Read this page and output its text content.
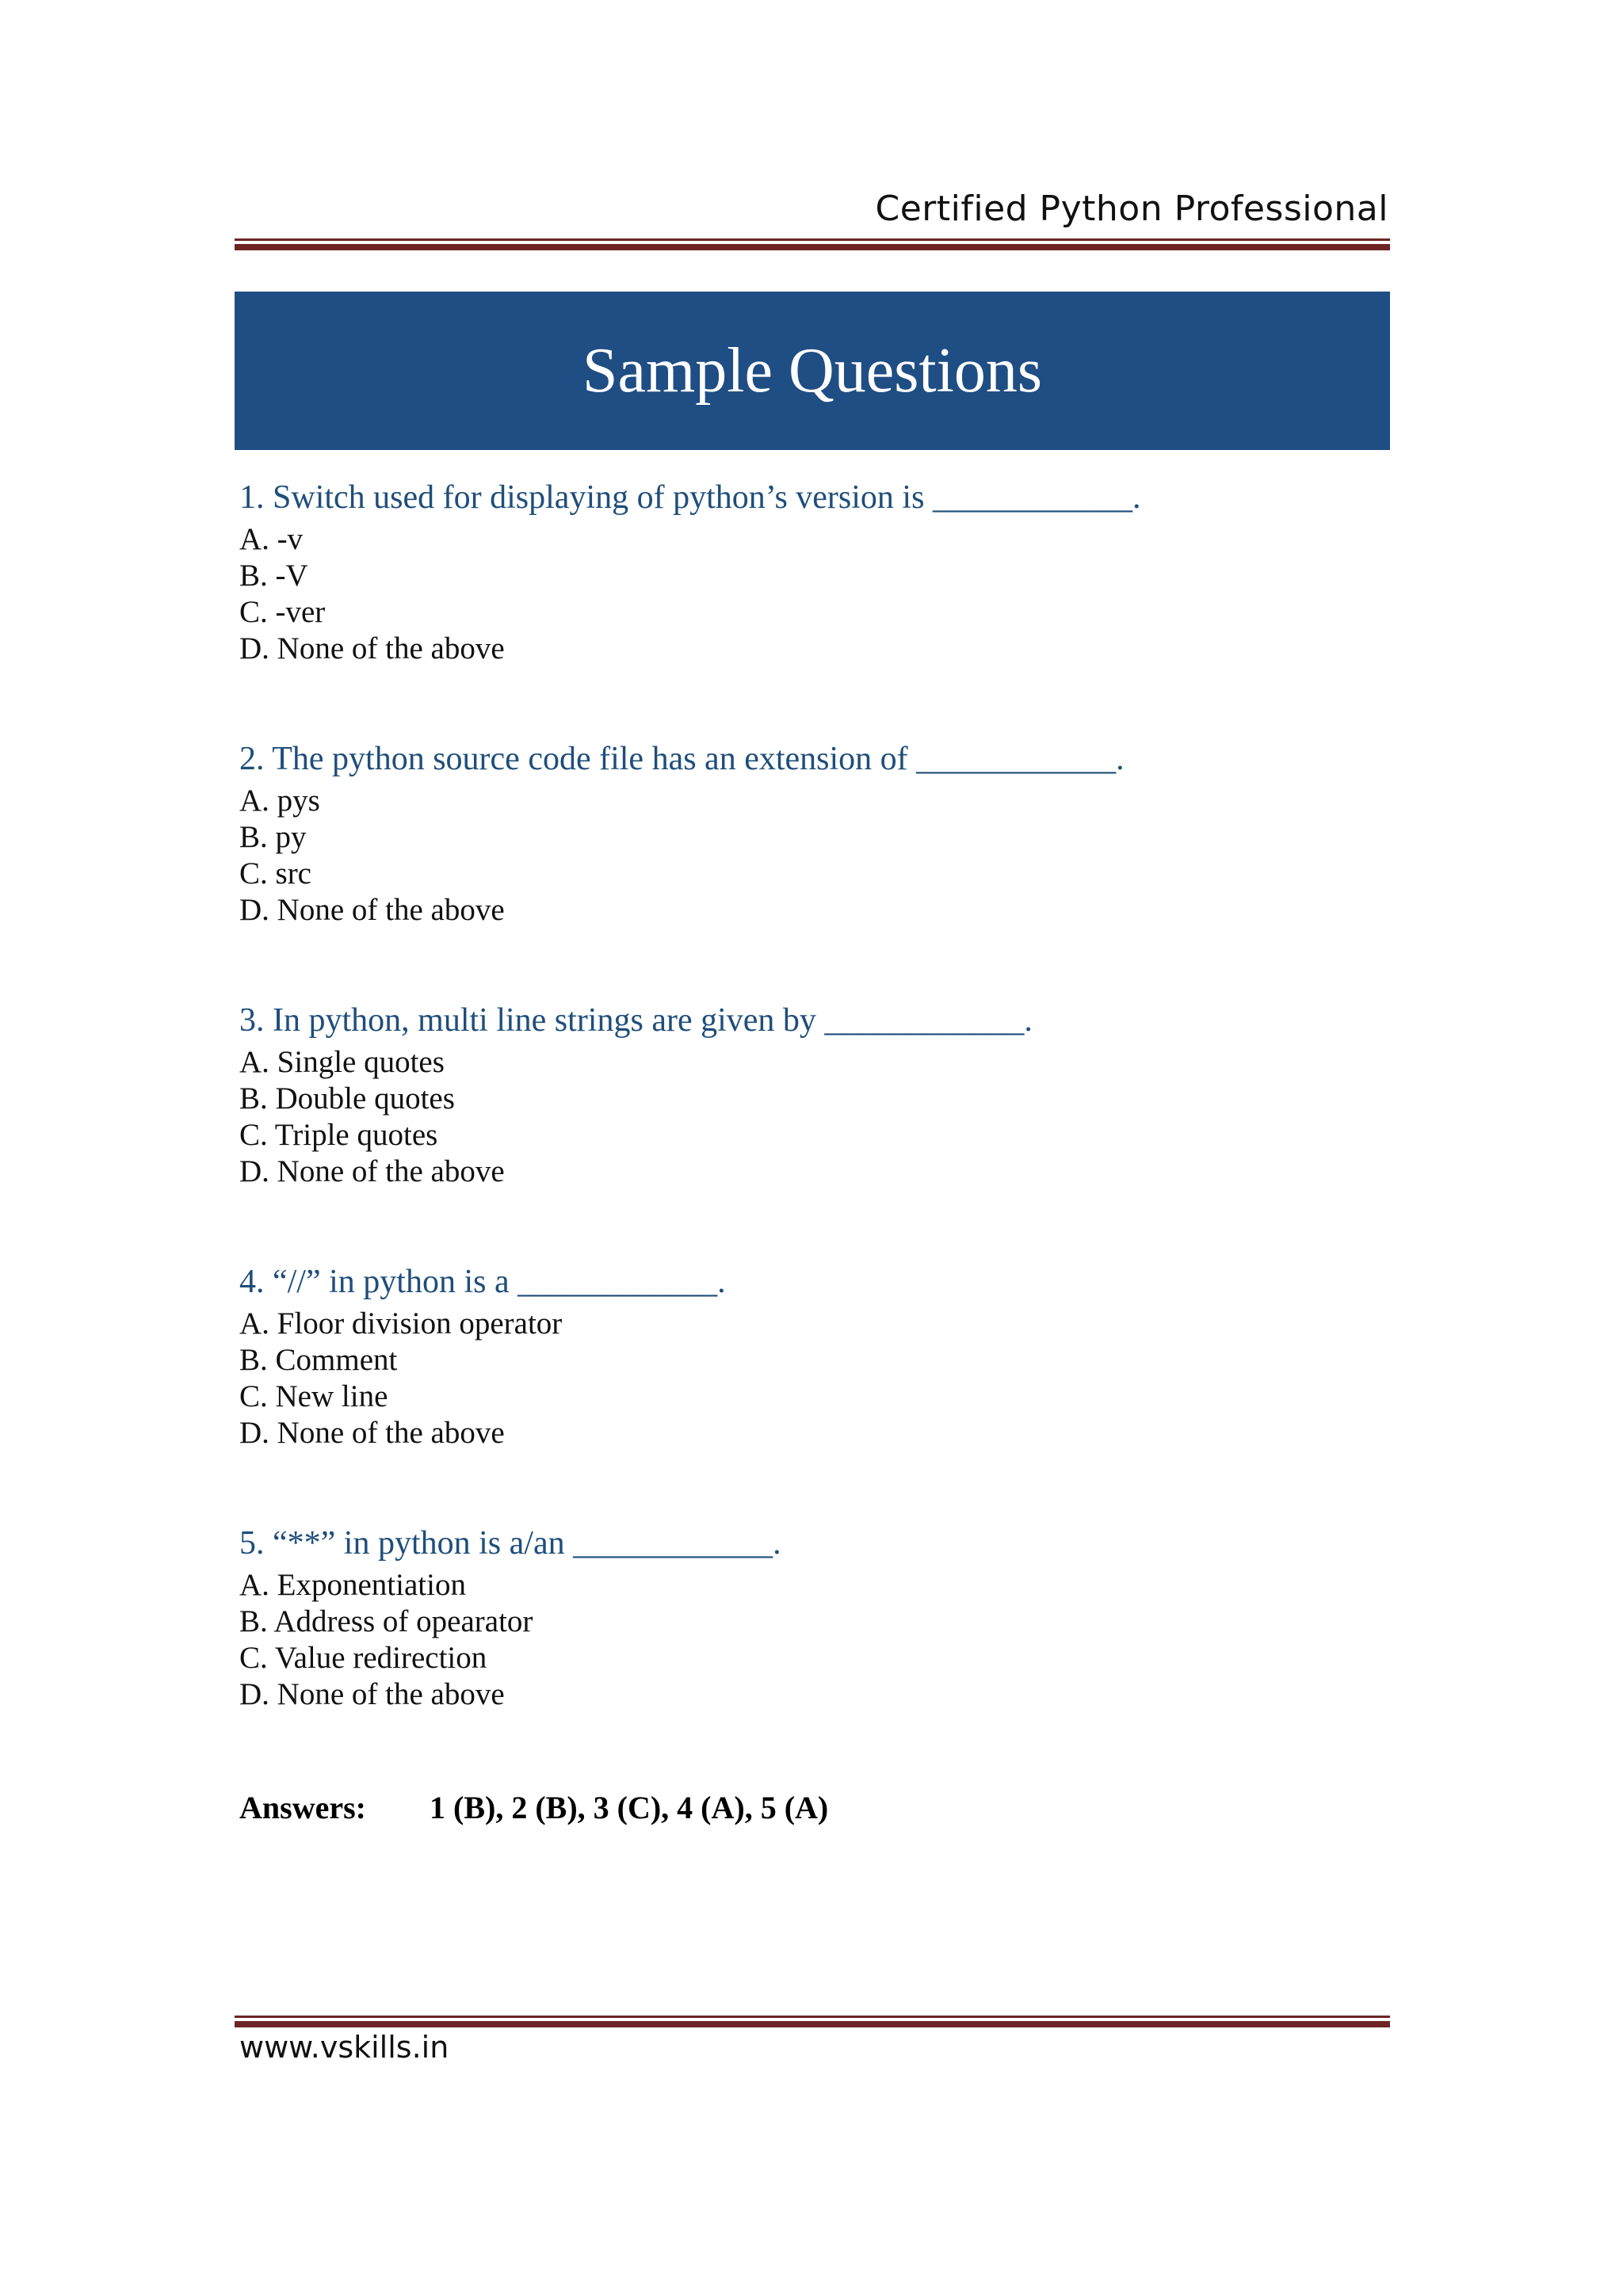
Certified Python Professional
Sample Questions
1. Switch used for displaying of python’s version is ____________.
A. -v
B. -V
C. -ver
D. None of the above
2. The python source code file has an extension of ____________.
A. pys
B. py
C. src
D. None of the above
3. In python, multi line strings are given by ____________.
A. Single quotes
B. Double quotes
C. Triple quotes
D. None of the above
4. “//” in python is a ____________.
A. Floor division operator
B. Comment
C. New line
D. None of the above
5. “**” in python is a/an ____________.
A. Exponentiation
B. Address of opearator
C. Value redirection
D. None of the above
Answers: 1 (B), 2 (B), 3 (C), 4 (A), 5 (A)
www.vskills.in
